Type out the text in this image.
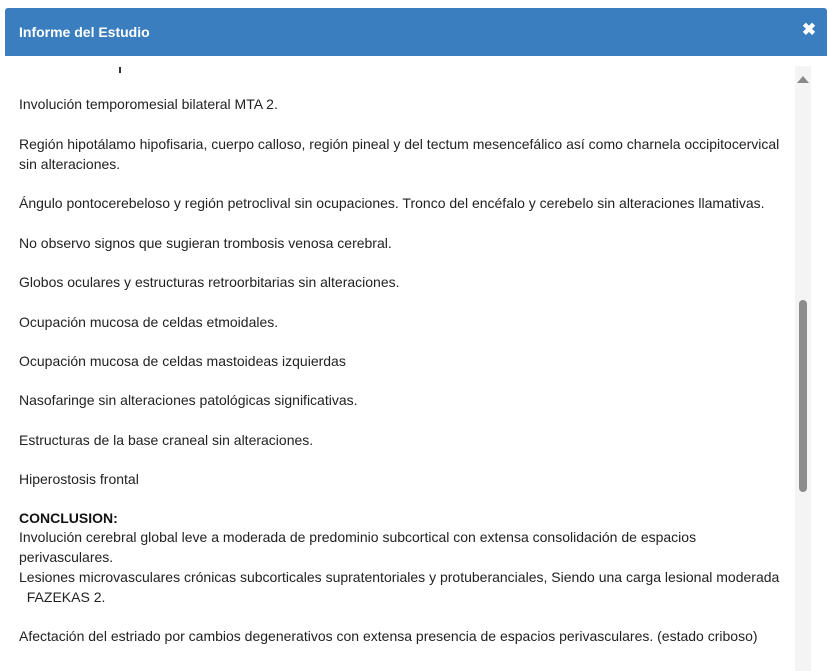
Informe del Estudio	✖

Involución temporomesial bilateral MTA 2.

Región hipotálamo hipofisaria, cuerpo calloso, región pineal y del tectum mesencefálico así como charnela occipitocervical sin alteraciones.

Ángulo pontocerebeloso y región petroclival sin ocupaciones. Tronco del encéfalo y cerebelo sin alteraciones llamativas.

No observo signos que sugieran trombosis venosa cerebral.

Globos oculares y estructuras retroorbitarias sin alteraciones.

Ocupación mucosa de celdas etmoidales.

Ocupación mucosa de celdas mastoideas izquierdas

Nasofaringe sin alteraciones patológicas significativas.

Estructuras de la base craneal sin alteraciones.

Hiperostosis frontal

CONCLUSION:

Involución cerebral global leve a moderada de predominio subcortical con extensa consolidación de espacios perivasculares.

Lesiones microvasculares crónicas subcorticales supratentoriales y protuberanciales, Siendo una carga lesional moderada
FAZEKAS 2.

Afectación del estriado por cambios degenerativos con extensa presencia de espacios perivasculares. (estado criboso)
